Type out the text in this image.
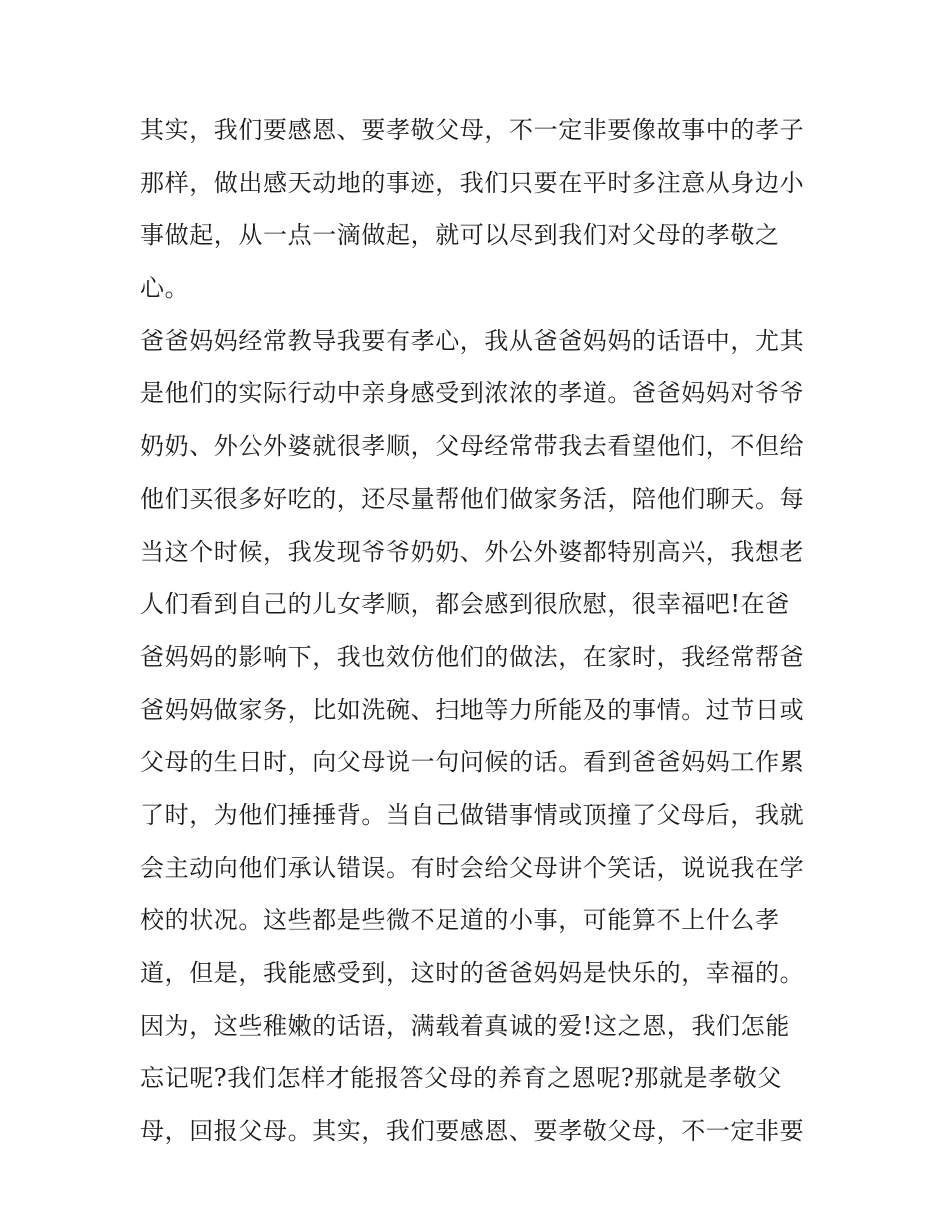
其实，我们要感恩、要孝敬父母，不一定非要像故事中的孝子
那样，做出感天动地的事迹，我们只要在平时多注意从身边小
事做起，从一点一滴做起，就可以尽到我们对父母的孝敬之
心。
爸爸妈妈经常教导我要有孝心，我从爸爸妈妈的话语中，尤其
是他们的实际行动中亲身感受到浓浓的孝道。爸爸妈妈对爷爷
奶奶、外公外婆就很孝顺，父母经常带我去看望他们，不但给
他们买很多好吃的，还尽量帮他们做家务活，陪他们聊天。每
当这个时候，我发现爷爷奶奶、外公外婆都特别高兴，我想老
人们看到自己的儿女孝顺，都会感到很欣慰，很幸福吧!在爸
爸妈妈的影响下，我也效仿他们的做法，在家时，我经常帮爸
爸妈妈做家务，比如洗碗、扫地等力所能及的事情。过节日或
父母的生日时，向父母说一句问候的话。看到爸爸妈妈工作累
了时，为他们捶捶背。当自己做错事情或顶撞了父母后，我就
会主动向他们承认错误。有时会给父母讲个笑话，说说我在学
校的状况。这些都是些微不足道的小事，可能算不上什么孝
道，但是，我能感受到，这时的爸爸妈妈是快乐的，幸福的。
因为，这些稚嫩的话语，满载着真诚的爱!这之恩，我们怎能
忘记呢?我们怎样才能报答父母的养育之恩呢?那就是孝敬父
母，回报父母。其实，我们要感恩、要孝敬父母，不一定非要
